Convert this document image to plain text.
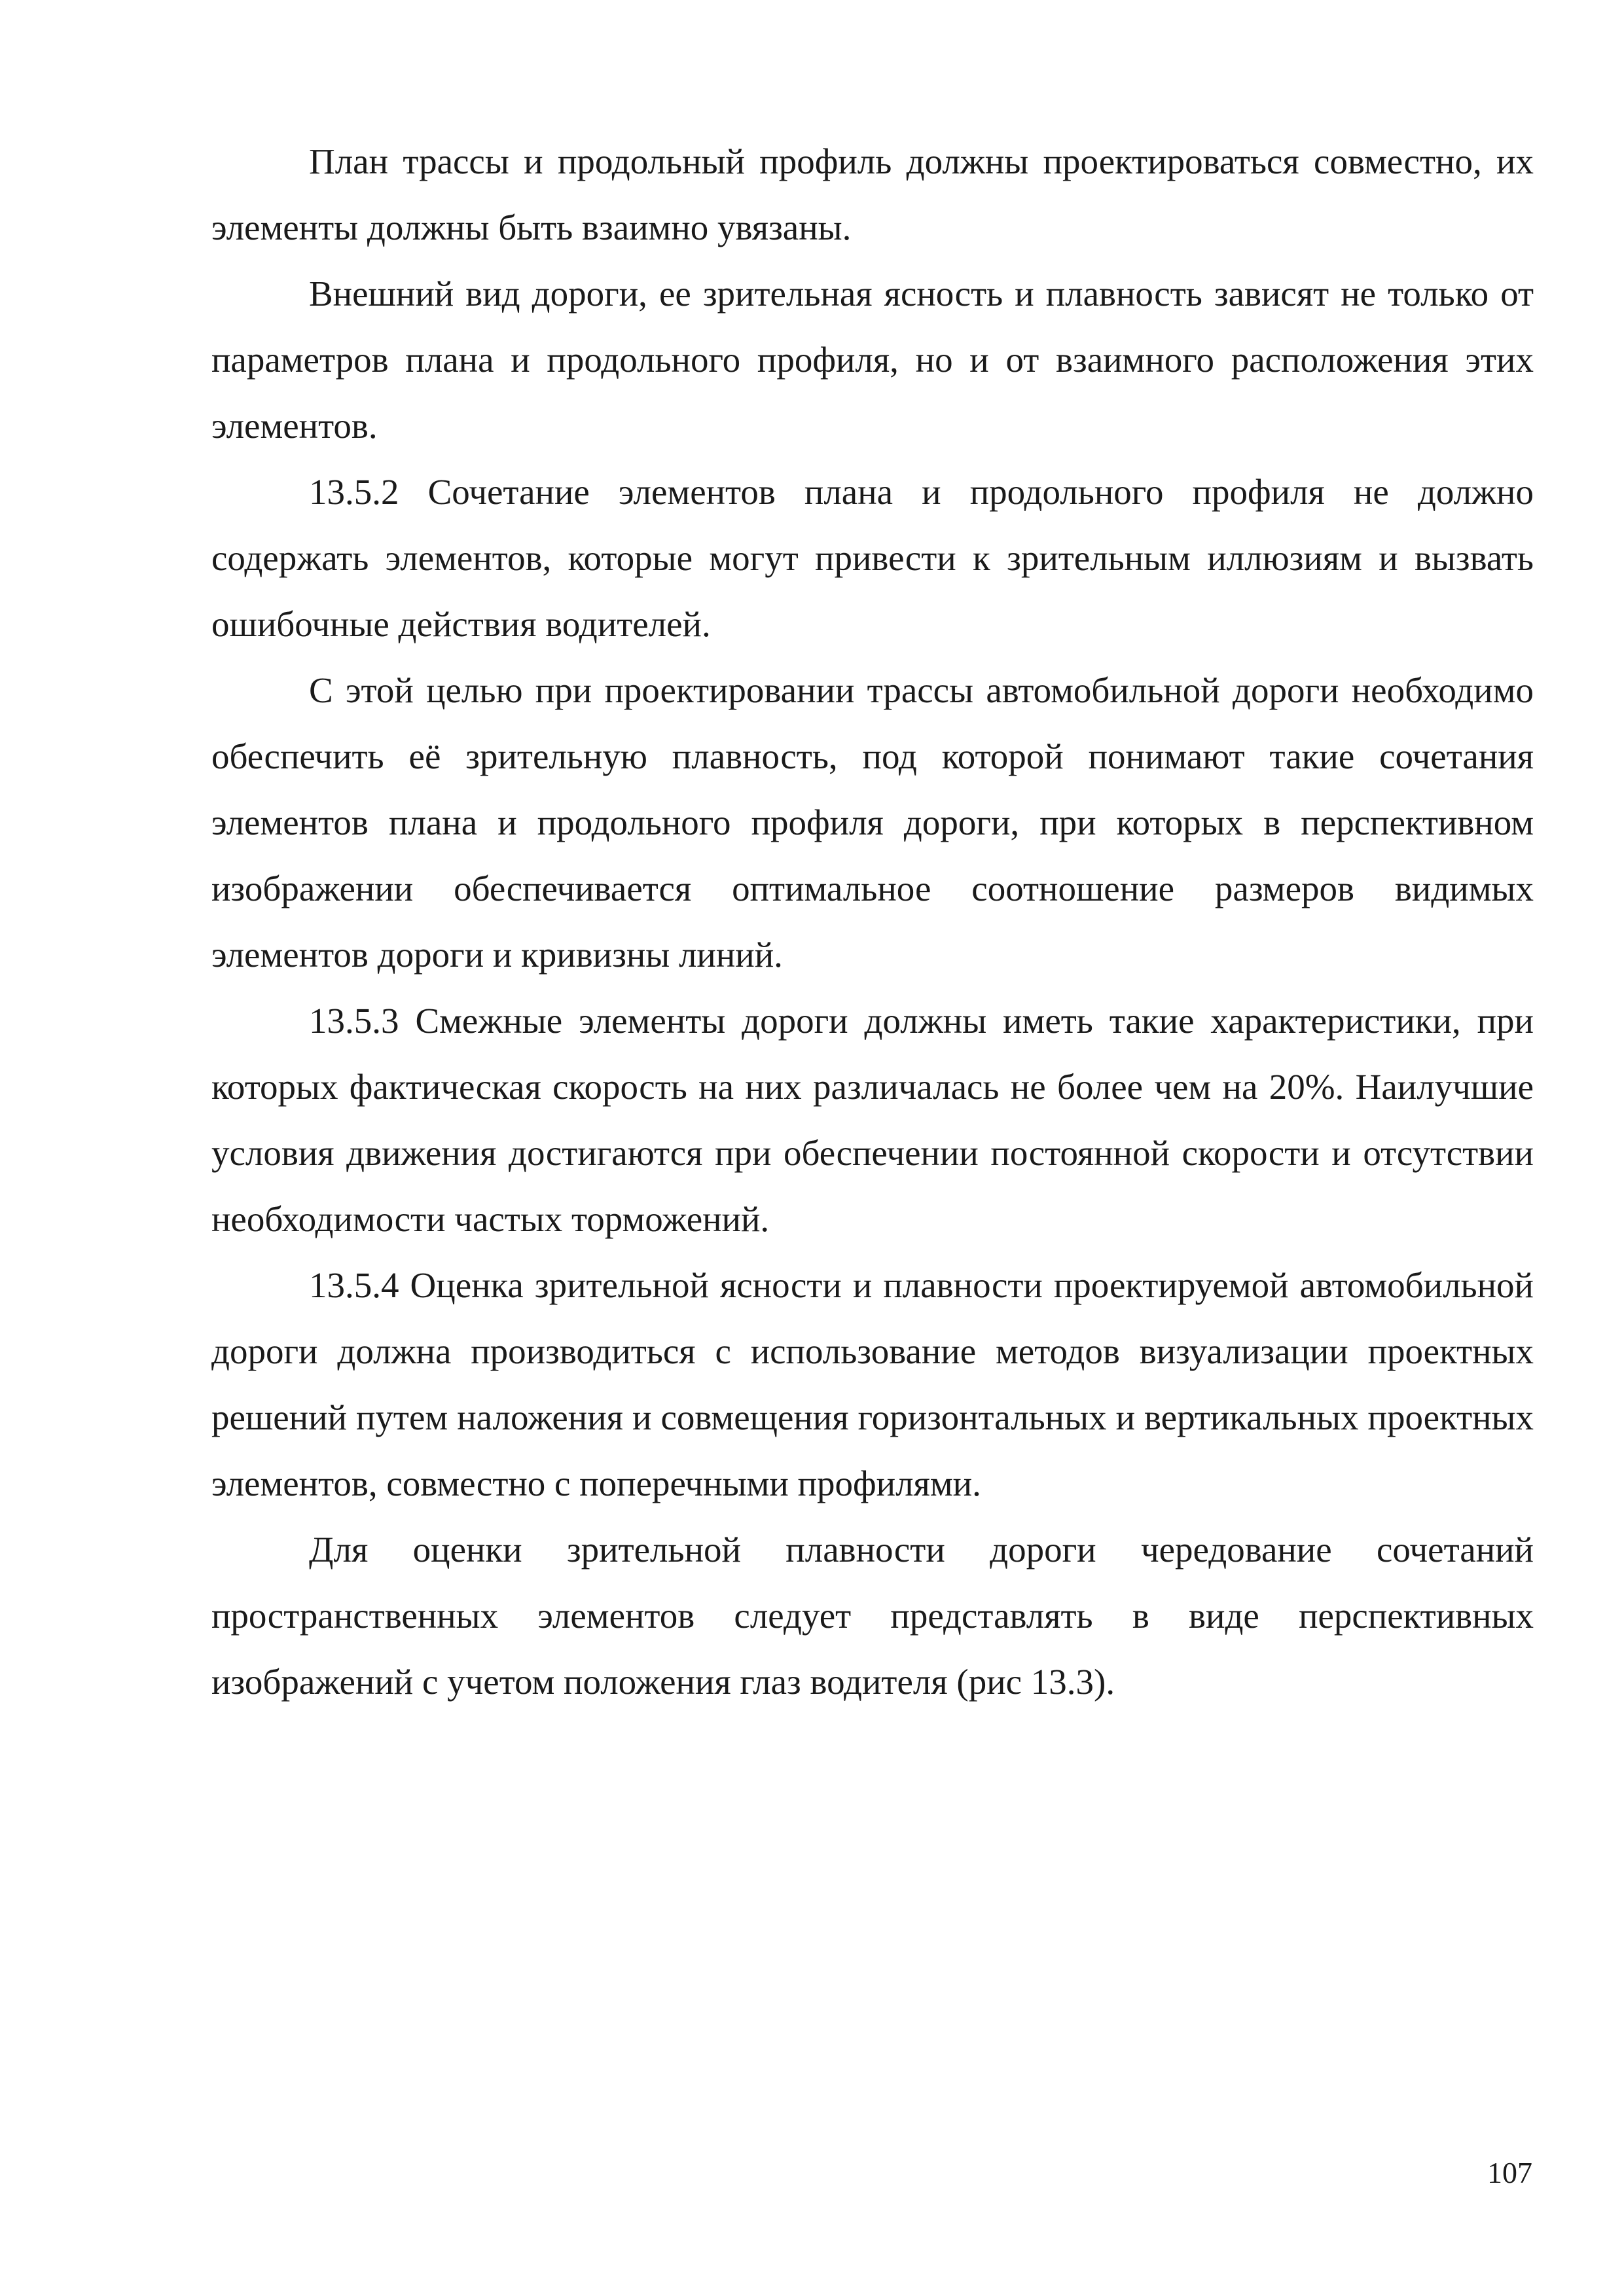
План трассы и продольный профиль должны проектироваться совместно, их элементы должны быть взаимно увязаны.

Внешний вид дороги, ее зрительная ясность и плавность зависят не только от параметров плана и продольного профиля, но и от взаимного расположения этих элементов.

13.5.2 Сочетание элементов плана и продольного профиля не должно содержать элементов, которые могут привести к зрительным иллюзиям и вызвать ошибочные действия водителей.

С этой целью при проектировании трассы автомобильной дороги необходимо обеспечить её зрительную плавность, под которой понимают такие сочетания элементов плана и продольного профиля дороги, при которых в перспективном изображении обеспечивается оптимальное соотношение размеров видимых элементов дороги и кривизны линий.

13.5.3 Смежные элементы дороги должны иметь такие характеристики, при которых фактическая скорость на них различалась не более чем на 20%. Наилучшие условия движения достигаются при обеспечении постоянной скорости и отсутствии необходимости частых торможений.

13.5.4 Оценка зрительной ясности и плавности проектируемой автомобильной дороги должна производиться с использование методов визуализации проектных решений путем наложения и совмещения горизонтальных и вертикальных проектных элементов, совместно с поперечными профилями.

Для оценки зрительной плавности дороги чередование сочетаний пространственных элементов следует представлять в виде перспективных изображений с учетом положения глаз водителя (рис 13.3).

107
